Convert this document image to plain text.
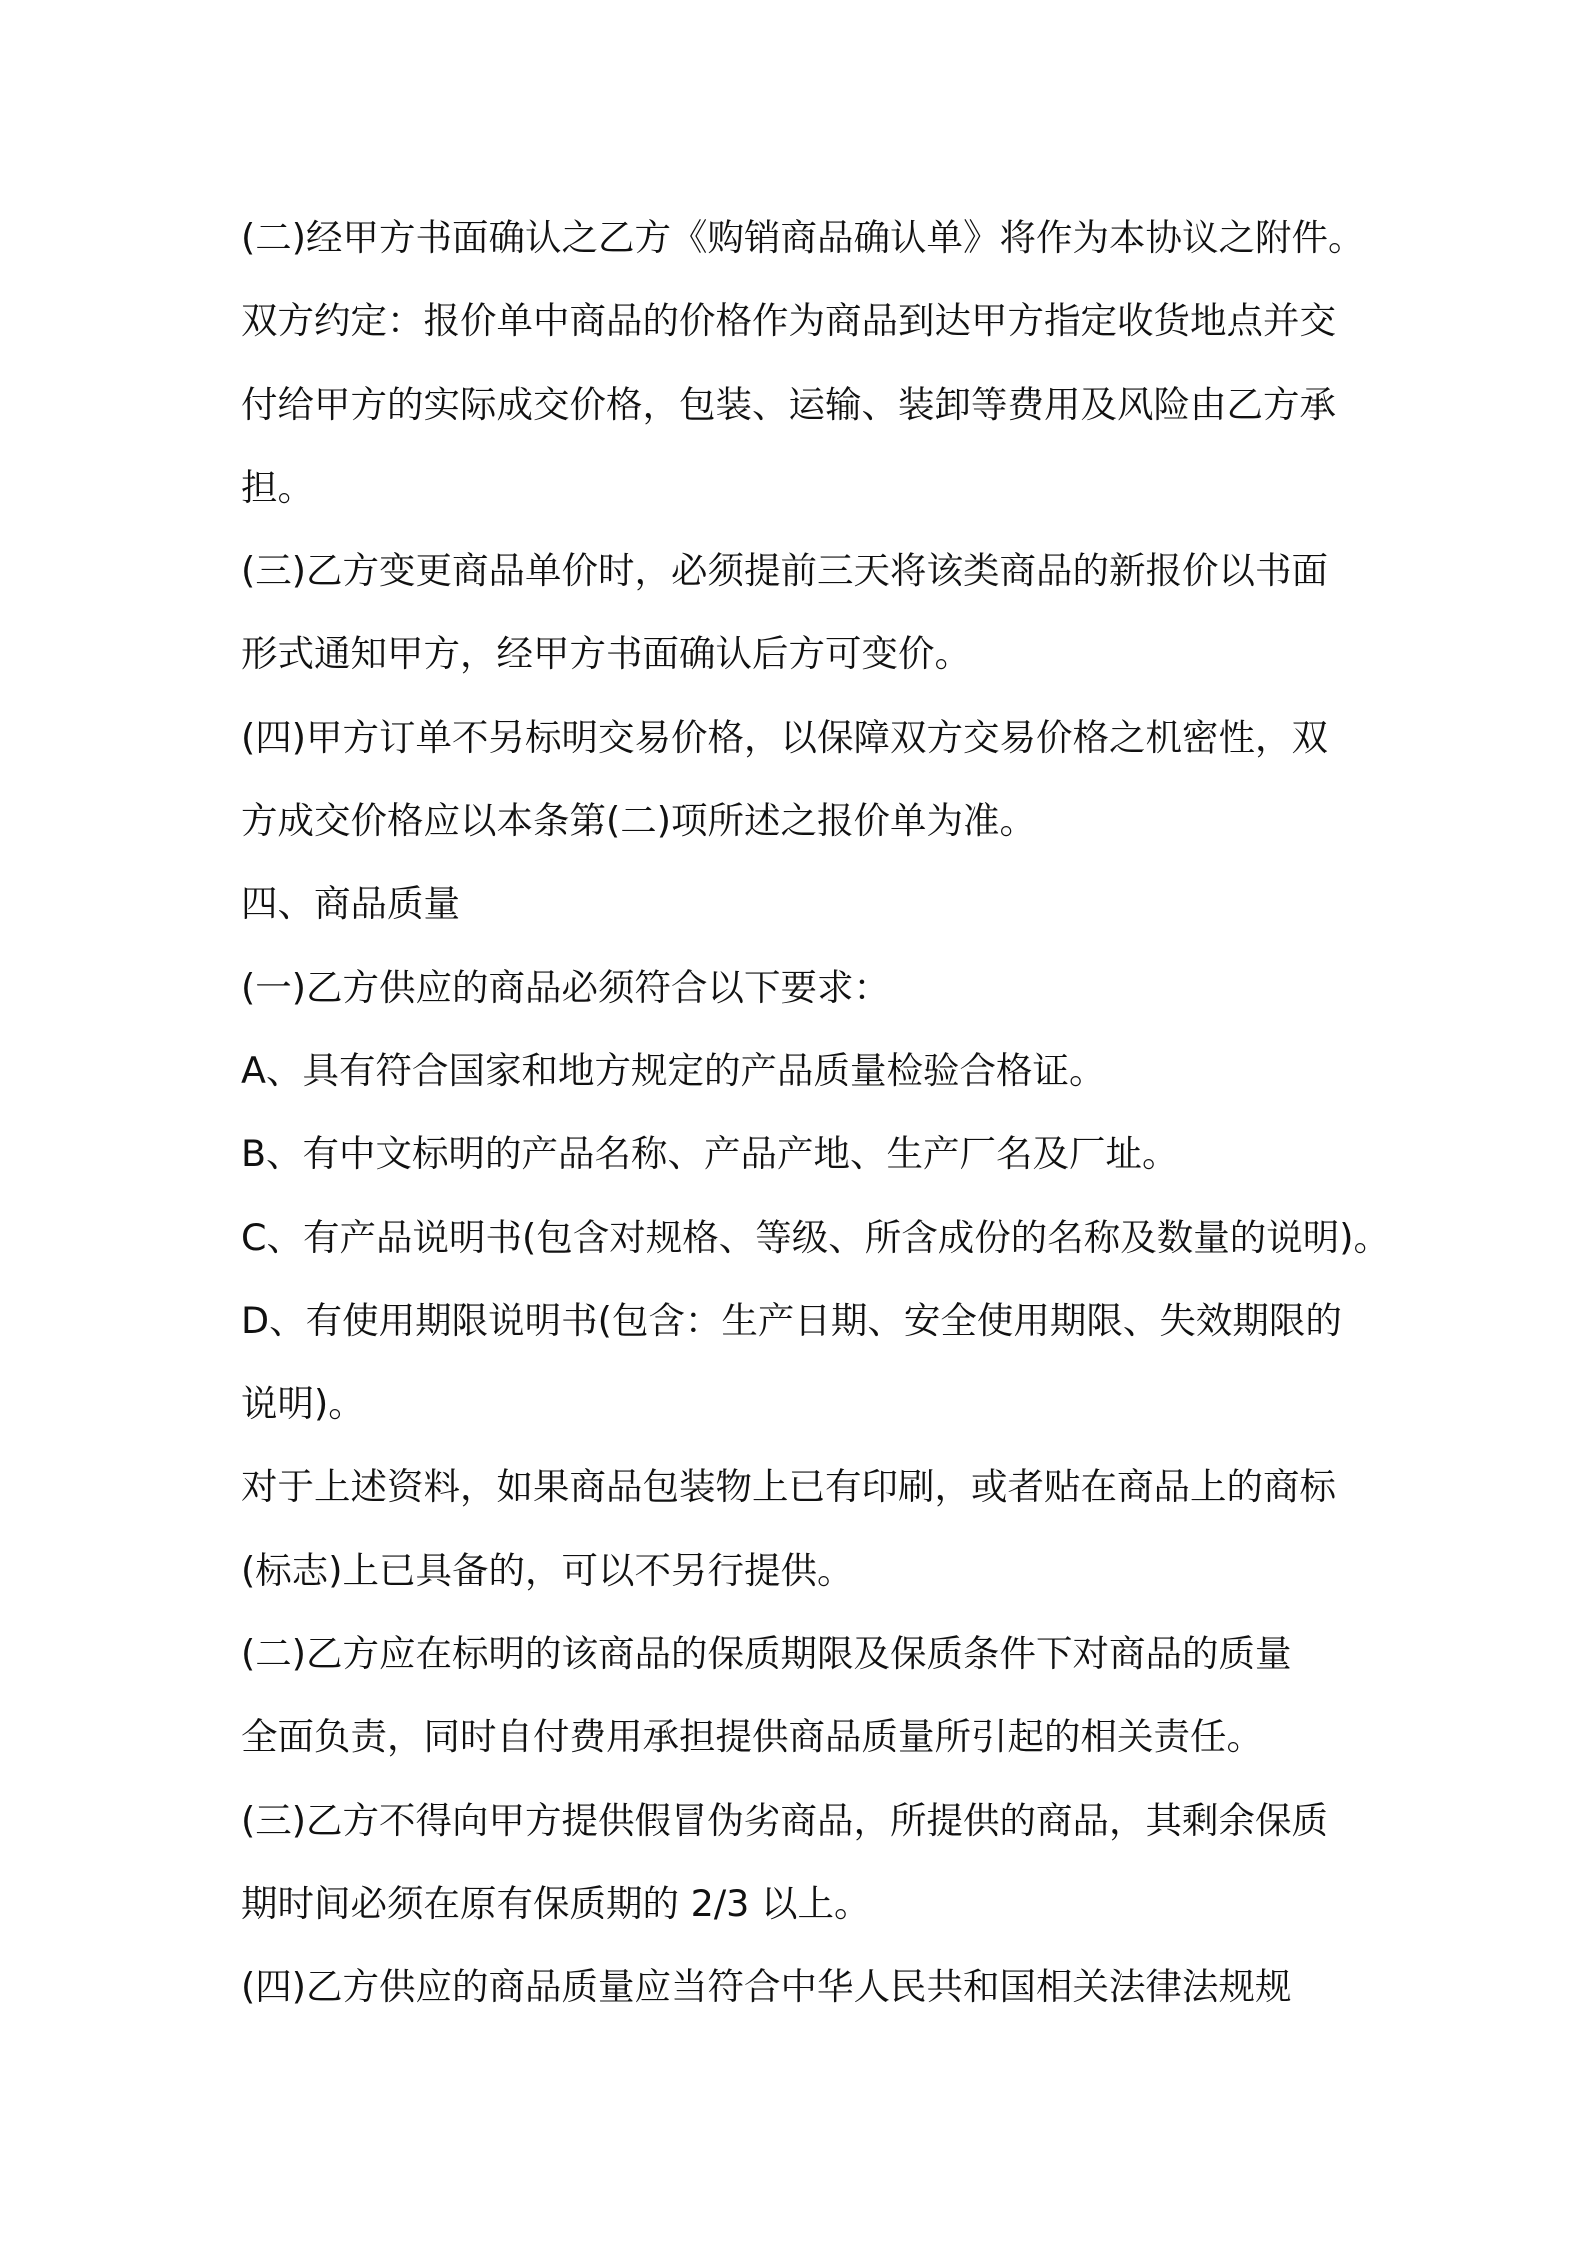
(二)经甲方书面确认之乙方《购销商品确认单》将作为本协议之附件。
双方约定：报价单中商品的价格作为商品到达甲方指定收货地点并交
付给甲方的实际成交价格，包装、运输、装卸等费用及风险由乙方承
担。
(三)乙方变更商品单价时，必须提前三天将该类商品的新报价以书面
形式通知甲方，经甲方书面确认后方可变价。
(四)甲方订单不另标明交易价格，以保障双方交易价格之机密性，双
方成交价格应以本条第(二)项所述之报价单为准。
四、商品质量
(一)乙方供应的商品必须符合以下要求：
A、具有符合国家和地方规定的产品质量检验合格证。
B、有中文标明的产品名称、产品产地、生产厂名及厂址。
C、有产品说明书(包含对规格、等级、所含成份的名称及数量的说明)。
D、有使用期限说明书(包含：生产日期、安全使用期限、失效期限的
说明)。
对于上述资料，如果商品包装物上已有印刷，或者贴在商品上的商标
(标志)上已具备的，可以不另行提供。
(二)乙方应在标明的该商品的保质期限及保质条件下对商品的质量
全面负责，同时自付费用承担提供商品质量所引起的相关责任。
(三)乙方不得向甲方提供假冒伪劣商品，所提供的商品，其剩余保质
期时间必须在原有保质期的 2/3 以上。
(四)乙方供应的商品质量应当符合中华人民共和国相关法律法规规
